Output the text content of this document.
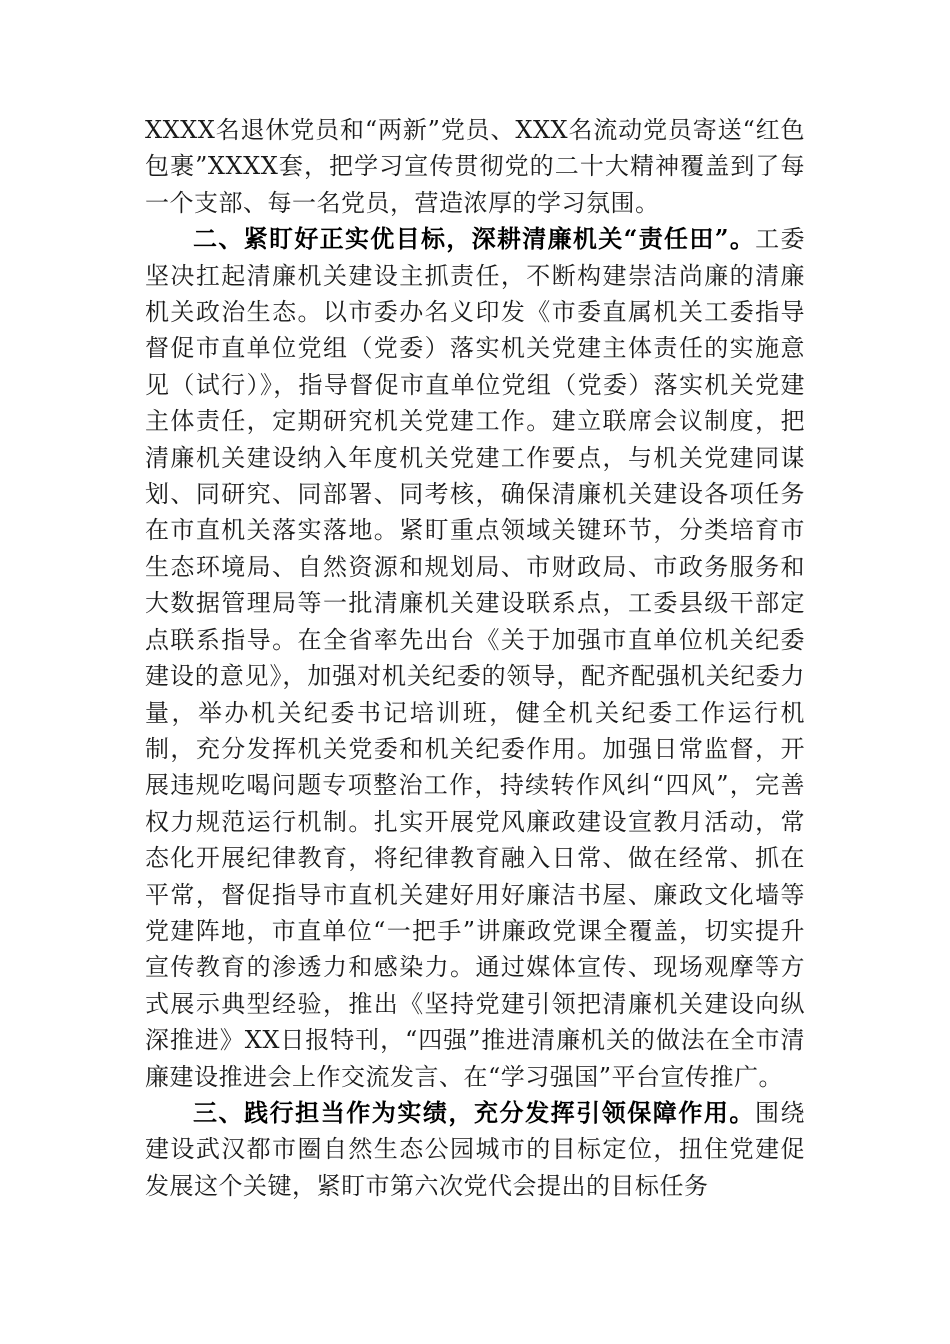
XXXX名退休党员和“两新”党员、XXX名流动党员寄送“红色包裹”XXXX套，把学习宣传贯彻党的二十大精神覆盖到了每一个支部、每一名党员，营造浓厚的学习氛围。

二、紧盯好正实优目标，深耕清廉机关“责任田”。工委坚决扛起清廉机关建设主抓责任，不断构建崇洁尚廉的清廉机关政治生态。以市委办名义印发《市委直属机关工委指导督促市直单位党组（党委）落实机关党建主体责任的实施意见（试行）》，指导督促市直单位党组（党委）落实机关党建主体责任，定期研究机关党建工作。建立联席会议制度，把清廉机关建设纳入年度机关党建工作要点，与机关党建同谋划、同研究、同部署、同考核，确保清廉机关建设各项任务在市直机关落实落地。紧盯重点领域关键环节，分类培育市生态环境局、自然资源和规划局、市财政局、市政务服务和大数据管理局等一批清廉机关建设联系点，工委县级干部定点联系指导。在全省率先出台《关于加强市直单位机关纪委建设的意见》，加强对机关纪委的领导，配齐配强机关纪委力量，举办机关纪委书记培训班，健全机关纪委工作运行机制，充分发挥机关党委和机关纪委作用。加强日常监督，开展违规吃喝问题专项整治工作，持续转作风纠“四风”，完善权力规范运行机制。扎实开展党风廉政建设宣教月活动，常态化开展纪律教育，将纪律教育融入日常、做在经常、抓在平常，督促指导市直机关建好用好廉洁书屋、廉政文化墙等党建阵地，市直单位“一把手”讲廉政党课全覆盖，切实提升宣传教育的渗透力和感染力。通过媒体宣传、现场观摩等方式展示典型经验，推出《坚持党建引领把清廉机关建设向纵深推进》XX日报特刊，“四强”推进清廉机关的做法在全市清廉建设推进会上作交流发言、在“学习强国”平台宣传推广。

三、践行担当作为实绩，充分发挥引领保障作用。围绕建设武汉都市圈自然生态公园城市的目标定位，扭住党建促发展这个关键，紧盯市第六次党代会提出的目标任务
